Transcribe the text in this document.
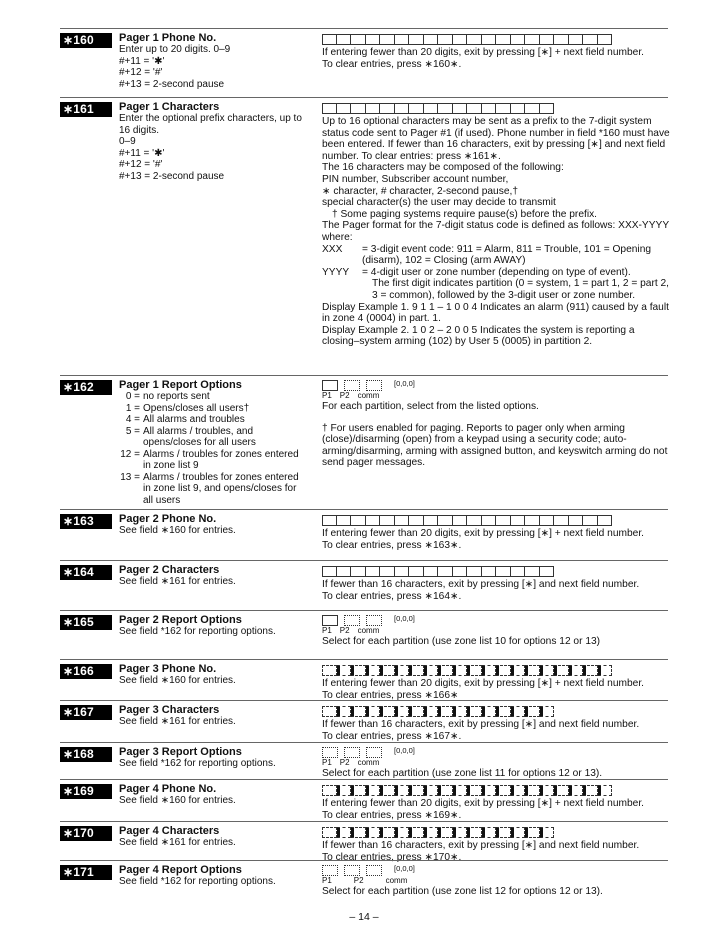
∗160	Pager 1 Phone No.
Enter up to 20 digits. 0–9
#+11 = '✱'
#+12 = '#'
#+13 = 2-second pause
If entering fewer than 20 digits, exit by pressing [∗] + next field number.
To clear entries, press ∗160∗.
∗161	Pager 1 Characters
Enter the optional prefix characters, up to 16 digits.
0–9
#+11 = '✱'
#+12 = '#'
#+13 = 2-second pause
Up to 16 optional characters may be sent as a prefix to the 7-digit system status code sent to Pager #1 (if used). Phone number in field *160 must have been entered. If fewer than 16 characters, exit by pressing [∗] and next field number. To clear entries: press ∗161∗.
The 16 characters may be composed of the following:
PIN number, Subscriber account number,
∗ character, # character, 2-second pause,†
special character(s) the user may decide to transmit
† Some paging systems require pause(s) before the prefix.
The Pager format for the 7-digit status code is defined as follows: XXX-YYYY where:
XXX	= 3-digit event code: 911 = Alarm, 811 = Trouble, 101 = Opening (disarm), 102 = Closing (arm AWAY)
YYYY	= 4-digit user or zone number (depending on type of event).

The first digit indicates partition (0 = system, 1 = part 1, 2 = part 2, 3 = common), followed by the 3-digit user or zone number.
Display Example 1. 9 1 1 – 1 0 0 4 Indicates an alarm (911) caused by a fault in zone 4 (0004) in part. 1.
Display Example 2. 1 0 2 – 2 0 0 5 Indicates the system is reporting a closing–system arming (102) by User 5 (0005) in partition 2.
∗162	Pager 1 Report Options
0 = no reports sent
1 = Opens/closes all users†
4 = All alarms and troubles
5 = All alarms / troubles, and opens/closes for all users
12 = Alarms / troubles for zones entered in zone list 9
13 = Alarms / troubles for zones entered in zone list 9, and opens/closes for all users
[0,0,0]
P1 P2 comm
For each partition, select from the listed options.
† For users enabled for paging. Reports to pager only when arming (close)/disarming (open) from a keypad using a security code; auto-arming/disarming, arming with assigned button, and keyswitch arming do not send pager messages.
∗163	Pager 2 Phone No.
See field ∗160 for entries.	If entering fewer than 20 digits, exit by pressing [∗] + next field number.
To clear entries, press ∗163∗.
∗164	Pager 2 Characters
See field ∗161 for entries.	If fewer than 16 characters, exit by pressing [∗] and next field number.
To clear entries, press ∗164∗.
∗165	Pager 2 Report Options
See field *162 for reporting options.
[0,0,0]
P1 P2 comm
Select for each partition (use zone list 10 for options 12 or 13)
∗166	Pager 3 Phone No.
See field ∗160 for entries.	If entering fewer than 20 digits, exit by pressing [∗] + next field number.
To clear entries, press ∗166∗
∗167	Pager 3 Characters
See field ∗161 for entries.	If fewer than 16 characters, exit by pressing [∗] and next field number.
To clear entries, press ∗167∗.
∗168	Pager 3 Report Options
See field *162 for reporting options.
[0,0,0]
P1 P2 comm
Select for each partition (use zone list 11 for options 12 or 13).
∗169	Pager 4 Phone No.
See field ∗160 for entries.	If entering fewer than 20 digits, exit by pressing [∗] + next field number.
To clear entries, press ∗169∗.
∗170	Pager 4 Characters
See field ∗161 for entries.	If fewer than 16 characters, exit by pressing [∗] and next field number.
To clear entries, press ∗170∗.
∗171	Pager 4 Report Options
See field *162 for reporting options.
[0,0,0]
P1	P2	comm
Select for each partition (use zone list 12 for options 12 or 13).
– 14 –
